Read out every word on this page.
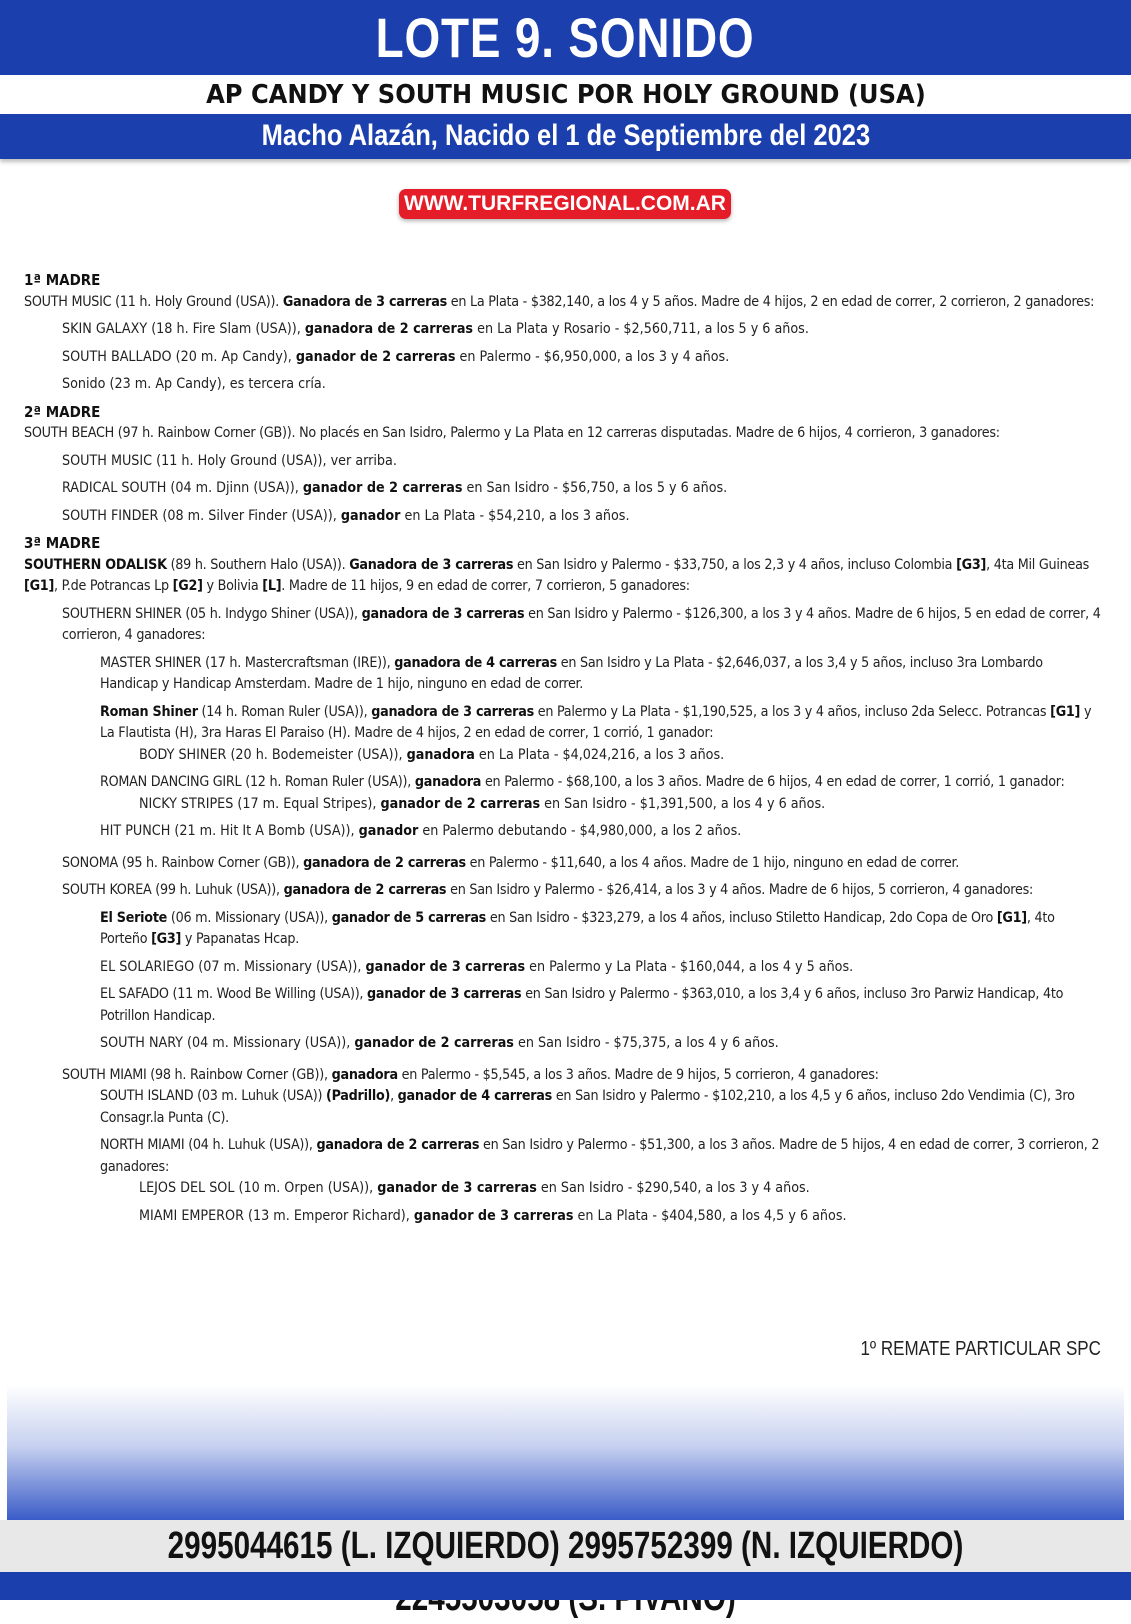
LOTE 9. SONIDO
AP CANDY Y SOUTH MUSIC POR HOLY GROUND (USA)
Macho Alazán, Nacido el 1 de Septiembre del 2023
WWW.TURFREGIONAL.COM.AR
1ª MADRE
SOUTH MUSIC (11 h. Holy Ground (USA)). Ganadora de 3 carreras en La Plata - $382,140, a los 4 y 5 años. Madre de 4 hijos, 2 en edad de correr, 2 corrieron, 2 ganadores:
SKIN GALAXY (18 h. Fire Slam (USA)), ganadora de 2 carreras en La Plata y Rosario - $2,560,711, a los 5 y 6 años.
SOUTH BALLADO (20 m. Ap Candy), ganador de 2 carreras en Palermo - $6,950,000, a los 3 y 4 años.
Sonido (23 m. Ap Candy), es tercera cría.
2ª MADRE
SOUTH BEACH (97 h. Rainbow Corner (GB)). No placés en San Isidro, Palermo y La Plata en 12 carreras disputadas. Madre de 6 hijos, 4 corrieron, 3 ganadores:
SOUTH MUSIC (11 h. Holy Ground (USA)), ver arriba.
RADICAL SOUTH (04 m. Djinn (USA)), ganador de 2 carreras en San Isidro - $56,750, a los 5 y 6 años.
SOUTH FINDER (08 m. Silver Finder (USA)), ganador en La Plata - $54,210, a los 3 años.
3ª MADRE
SOUTHERN ODALISK (89 h. Southern Halo (USA)). Ganadora de 3 carreras en San Isidro y Palermo - $33,750, a los 2,3 y 4 años, incluso Colombia [G3], 4ta Mil Guineas [G1], P.de Potrancas Lp [G2] y Bolivia [L]. Madre de 11 hijos, 9 en edad de correr, 7 corrieron, 5 ganadores:
SOUTHERN SHINER (05 h. Indygo Shiner (USA)), ganadora de 3 carreras en San Isidro y Palermo - $126,300, a los 3 y 4 años. Madre de 6 hijos, 5 en edad de correr, 4 corrieron, 4 ganadores:
MASTER SHINER (17 h. Mastercraftsman (IRE)), ganadora de 4 carreras en San Isidro y La Plata - $2,646,037, a los 3,4 y 5 años, incluso 3ra Lombardo Handicap y Handicap Amsterdam. Madre de 1 hijo, ninguno en edad de correr.
Roman Shiner (14 h. Roman Ruler (USA)), ganadora de 3 carreras en Palermo y La Plata - $1,190,525, a los 3 y 4 años, incluso 2da Selecc. Potrancas [G1] y La Flautista (H), 3ra Haras El Paraiso (H). Madre de 4 hijos, 2 en edad de correr, 1 corrió, 1 ganador:
BODY SHINER (20 h. Bodemeister (USA)), ganadora en La Plata - $4,024,216, a los 3 años.
ROMAN DANCING GIRL (12 h. Roman Ruler (USA)), ganadora en Palermo - $68,100, a los 3 años. Madre de 6 hijos, 4 en edad de correr, 1 corrió, 1 ganador:
NICKY STRIPES (17 m. Equal Stripes), ganador de 2 carreras en San Isidro - $1,391,500, a los 4 y 6 años.
HIT PUNCH (21 m. Hit It A Bomb (USA)), ganador en Palermo debutando - $4,980,000, a los 2 años.
SONOMA (95 h. Rainbow Corner (GB)), ganadora de 2 carreras en Palermo - $11,640, a los 4 años. Madre de 1 hijo, ninguno en edad de correr.
SOUTH KOREA (99 h. Luhuk (USA)), ganadora de 2 carreras en San Isidro y Palermo - $26,414, a los 3 y 4 años. Madre de 6 hijos, 5 corrieron, 4 ganadores:
El Seriote (06 m. Missionary (USA)), ganador de 5 carreras en San Isidro - $323,279, a los 4 años, incluso Stiletto Handicap, 2do Copa de Oro [G1], 4to Porteño [G3] y Papanatas Hcap.
EL SOLARIEGO (07 m. Missionary (USA)), ganador de 3 carreras en Palermo y La Plata - $160,044, a los 4 y 5 años.
EL SAFADO (11 m. Wood Be Willing (USA)), ganador de 3 carreras en San Isidro y Palermo - $363,010, a los 3,4 y 6 años, incluso 3ro Parwiz Handicap, 4to Potrillon Handicap.
SOUTH NARY (04 m. Missionary (USA)), ganador de 2 carreras en San Isidro - $75,375, a los 4 y 6 años.
SOUTH MIAMI (98 h. Rainbow Corner (GB)), ganadora en Palermo - $5,545, a los 3 años. Madre de 9 hijos, 5 corrieron, 4 ganadores:
SOUTH ISLAND (03 m. Luhuk (USA)) (Padrillo), ganador de 4 carreras en San Isidro y Palermo - $102,210, a los 4,5 y 6 años, incluso 2do Vendimia (C), 3ro Consagr.la Punta (C).
NORTH MIAMI (04 h. Luhuk (USA)), ganadora de 2 carreras en San Isidro y Palermo - $51,300, a los 3 años. Madre de 5 hijos, 4 en edad de correr, 3 corrieron, 2 ganadores:
LEJOS DEL SOL (10 m. Orpen (USA)), ganador de 3 carreras en San Isidro - $290,540, a los 3 y 4 años.
MIAMI EMPEROR (13 m. Emperor Richard), ganador de 3 carreras en La Plata - $404,580, a los 4,5 y 6 años.
1º REMATE PARTICULAR SPC
2995044615 (L. IZQUIERDO) 2995752399 (N. IZQUIERDO)
